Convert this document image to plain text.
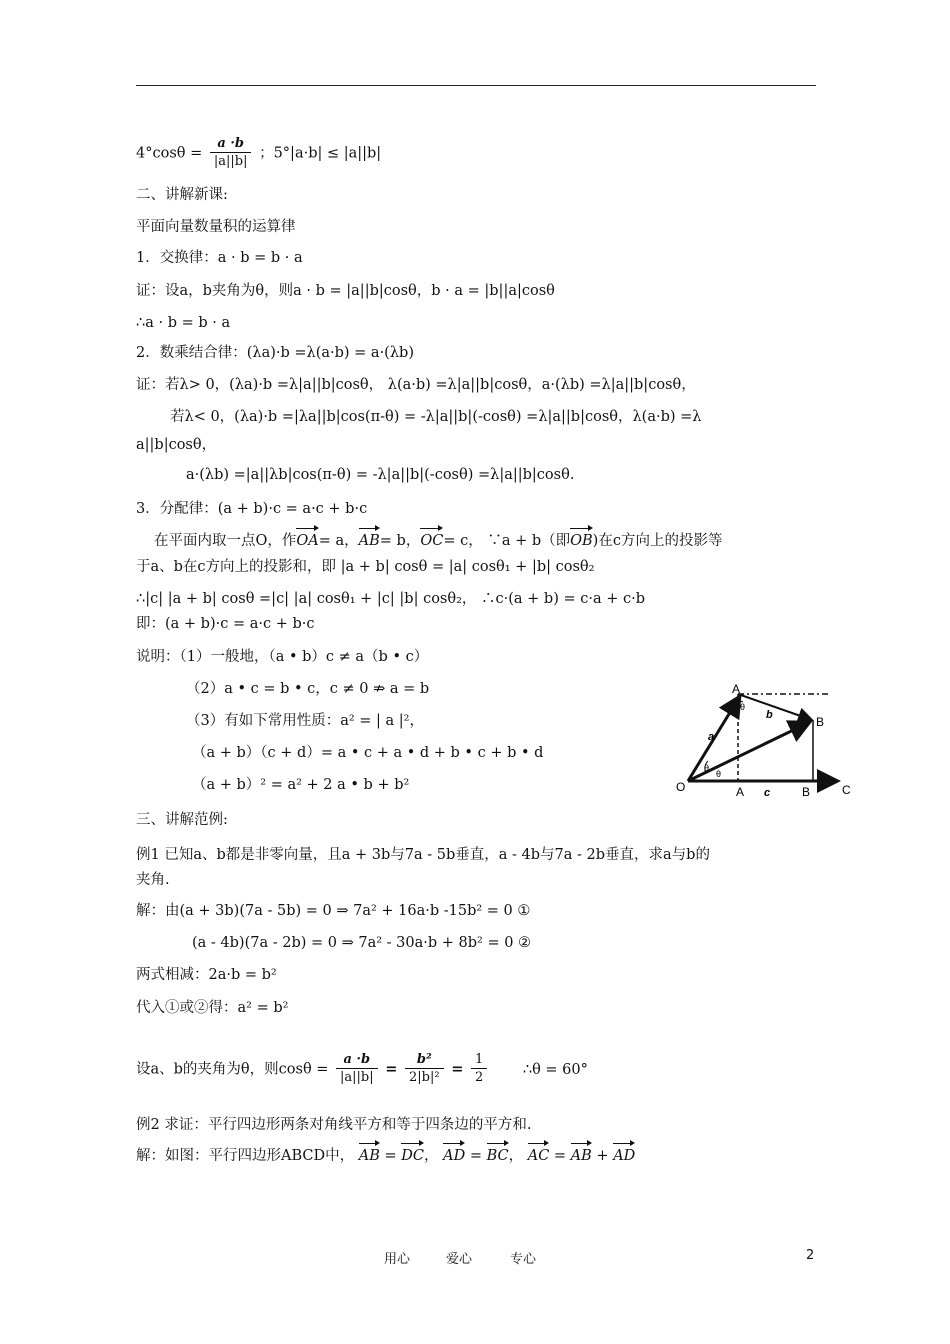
$4^\circ\cos\theta = \frac{a \cdot b}{|a||b|}$ ；5°|a·b| ≤ |a||b|
二、讲解新课:
平面向量数量积的运算律
1．交换律：a · b = b · a
证：设a，b夹角为θ，则a · b = |a||b|cosθ，b · a = |b||a|cosθ
∴a · b = b · a
2．数乘结合律：(λa)·b =λ(a·b) = a·(λb)
证：若λ> 0，(λa)·b =λ|a||b|cosθ， λ(a·b) =λ|a||b|cosθ，a·(λb) =λ|a||b|cosθ，
若λ< 0，(λa)·b =|λa||b|cos(π-θ) = -λ|a||b|(-cosθ) =λ|a||b|cosθ，λ(a·b) =λ
a||b|cosθ，
a·(λb) =|a||λb|cos(π-θ) = -λ|a||b|(-cosθ) =λ|a||b|cosθ.
3．分配律：(a + b)·c = a·c + b·c
在平面内取一点O，作OA= a，AB= b，OC= c， ∵a + b（即OB)在c方向上的投影等
于a、b在c方向上的投影和，即 |a + b| cosθ = |a| cosθ₁ + |b| cosθ₂
∴|c| |a + b| cosθ =|c| |a| cosθ₁ + |c| |b| cosθ₂， ∴c·(a + b) = c·a + c·b
即：(a + b)·c = a·c + b·c
说明：（1）一般地，（a • b）c ≠ a（b • c）
（2）a • c = b • c，c ≠ 0 ⇏ a = b
（3）有如下常用性质：a² = | a |²，
（a + b）（c + d）= a • c + a • d + b • c + b • d
（a + b）² = a² + 2 a • b + b²
A
B
O	A	B	C
a
b
c
θ
θ
θ
三、讲解范例:
例1 已知a、b都是非零向量，且a + 3b与7a - 5b垂直，a - 4b与7a - 2b垂直，求a与b的
夹角.
解：由(a + 3b)(7a - 5b) = 0 ⇒ 7a² + 16a·b -15b² = 0 ①
(a - 4b)(7a - 2b) = 0 ⇒ 7a² - 30a·b + 8b² = 0 ②
两式相减：2a·b = b²
代入①或②得：a² = b²
设a、b的夹角为θ，则$\cos\theta = \frac{a \cdot b}{|a||b|} = \frac{\text{b²}}{\text{2|b|²}} = \frac{1}{2}$ ∴θ = 60°
例2 求证：平行四边形两条对角线平方和等于四条边的平方和.
解：如图：平行四边形ABCD中， AB = DC， AD = BC， AC = AB + AD
用心	爱心	专心	2
